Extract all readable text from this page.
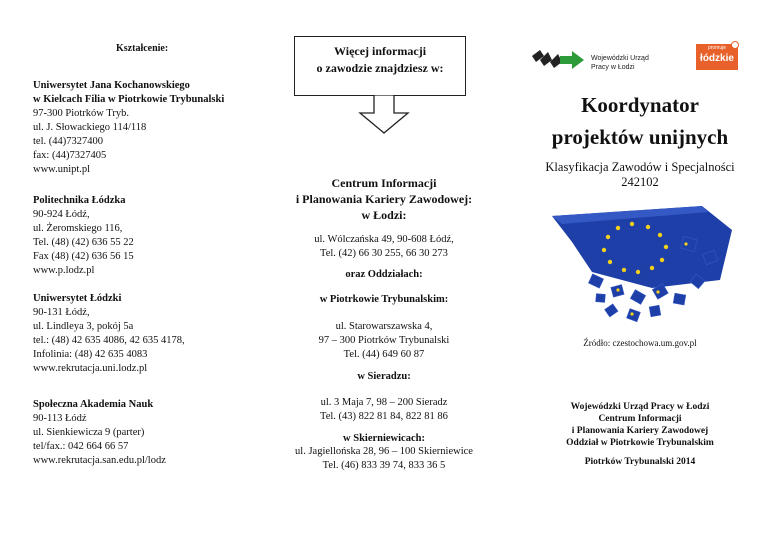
Kształcenie:
Uniwersytet Jana Kochanowskiego
w Kielcach Filia w Piotrkowie Trybunalski
97-300 Piotrków Tryb.
ul. J. Słowackiego 114/118
tel. (44)7327400
fax: (44)7327405
www.unipt.pl
Politechnika Łódzka
90-924 Łódź,
ul. Żeromskiego 116,
Tel. (48) (42) 636 55 22
Fax (48) (42) 636 56 15
www.p.lodz.pl
Uniwersytet Łódzki
90-131 Łódź,
ul. Lindleya 3, pokój 5a
tel.: (48) 42 635 4086, 42 635 4178,
Infolinia: (48) 42 635 4083
www.rekrutacja.uni.lodz.pl
Społeczna Akademia Nauk
90-113 Łódź
ul. Sienkiewicza 9 (parter)
tel/fax.: 042 664 66 57
www.rekrutacja.san.edu.pl/lodz
Więcej informacji
o zawodzie znajdziesz w:
Centrum Informacji
i Planowania Kariery Zawodowej:
w Łodzi:
ul. Wólczańska 49, 90-608 Łódź,
Tel. (42) 66 30 255, 66 30 273
oraz Oddziałach:
w Piotrkowie Trybunalskim:
ul. Starowarszawska 4,
97 – 300 Piotrków Trybunalski
Tel. (44) 649 60 87
w Sieradzu:
ul. 3 Maja 7, 98 – 200 Sieradz
Tel. (43) 822 81 84, 822 81 86
w Skierniewicach:
ul. Jagiellońska 28, 96 – 100 Skierniewice
Tel. (46) 833 39 74, 833 36 5
Wojewódzki Urząd
Pracy w Łodzi
promuje
łódzkie
Koordynator
projektów unijnych
Klasyfikacja Zawodów i Specjalności
242102
Źródło: czestochowa.um.gov.pl
Wojewódzki Urząd Pracy w Łodzi
Centrum Informacji
i Planowania Kariery Zawodowej
Oddział w Piotrkowie Trybunalskim
Piotrków Trybunalski 2014
